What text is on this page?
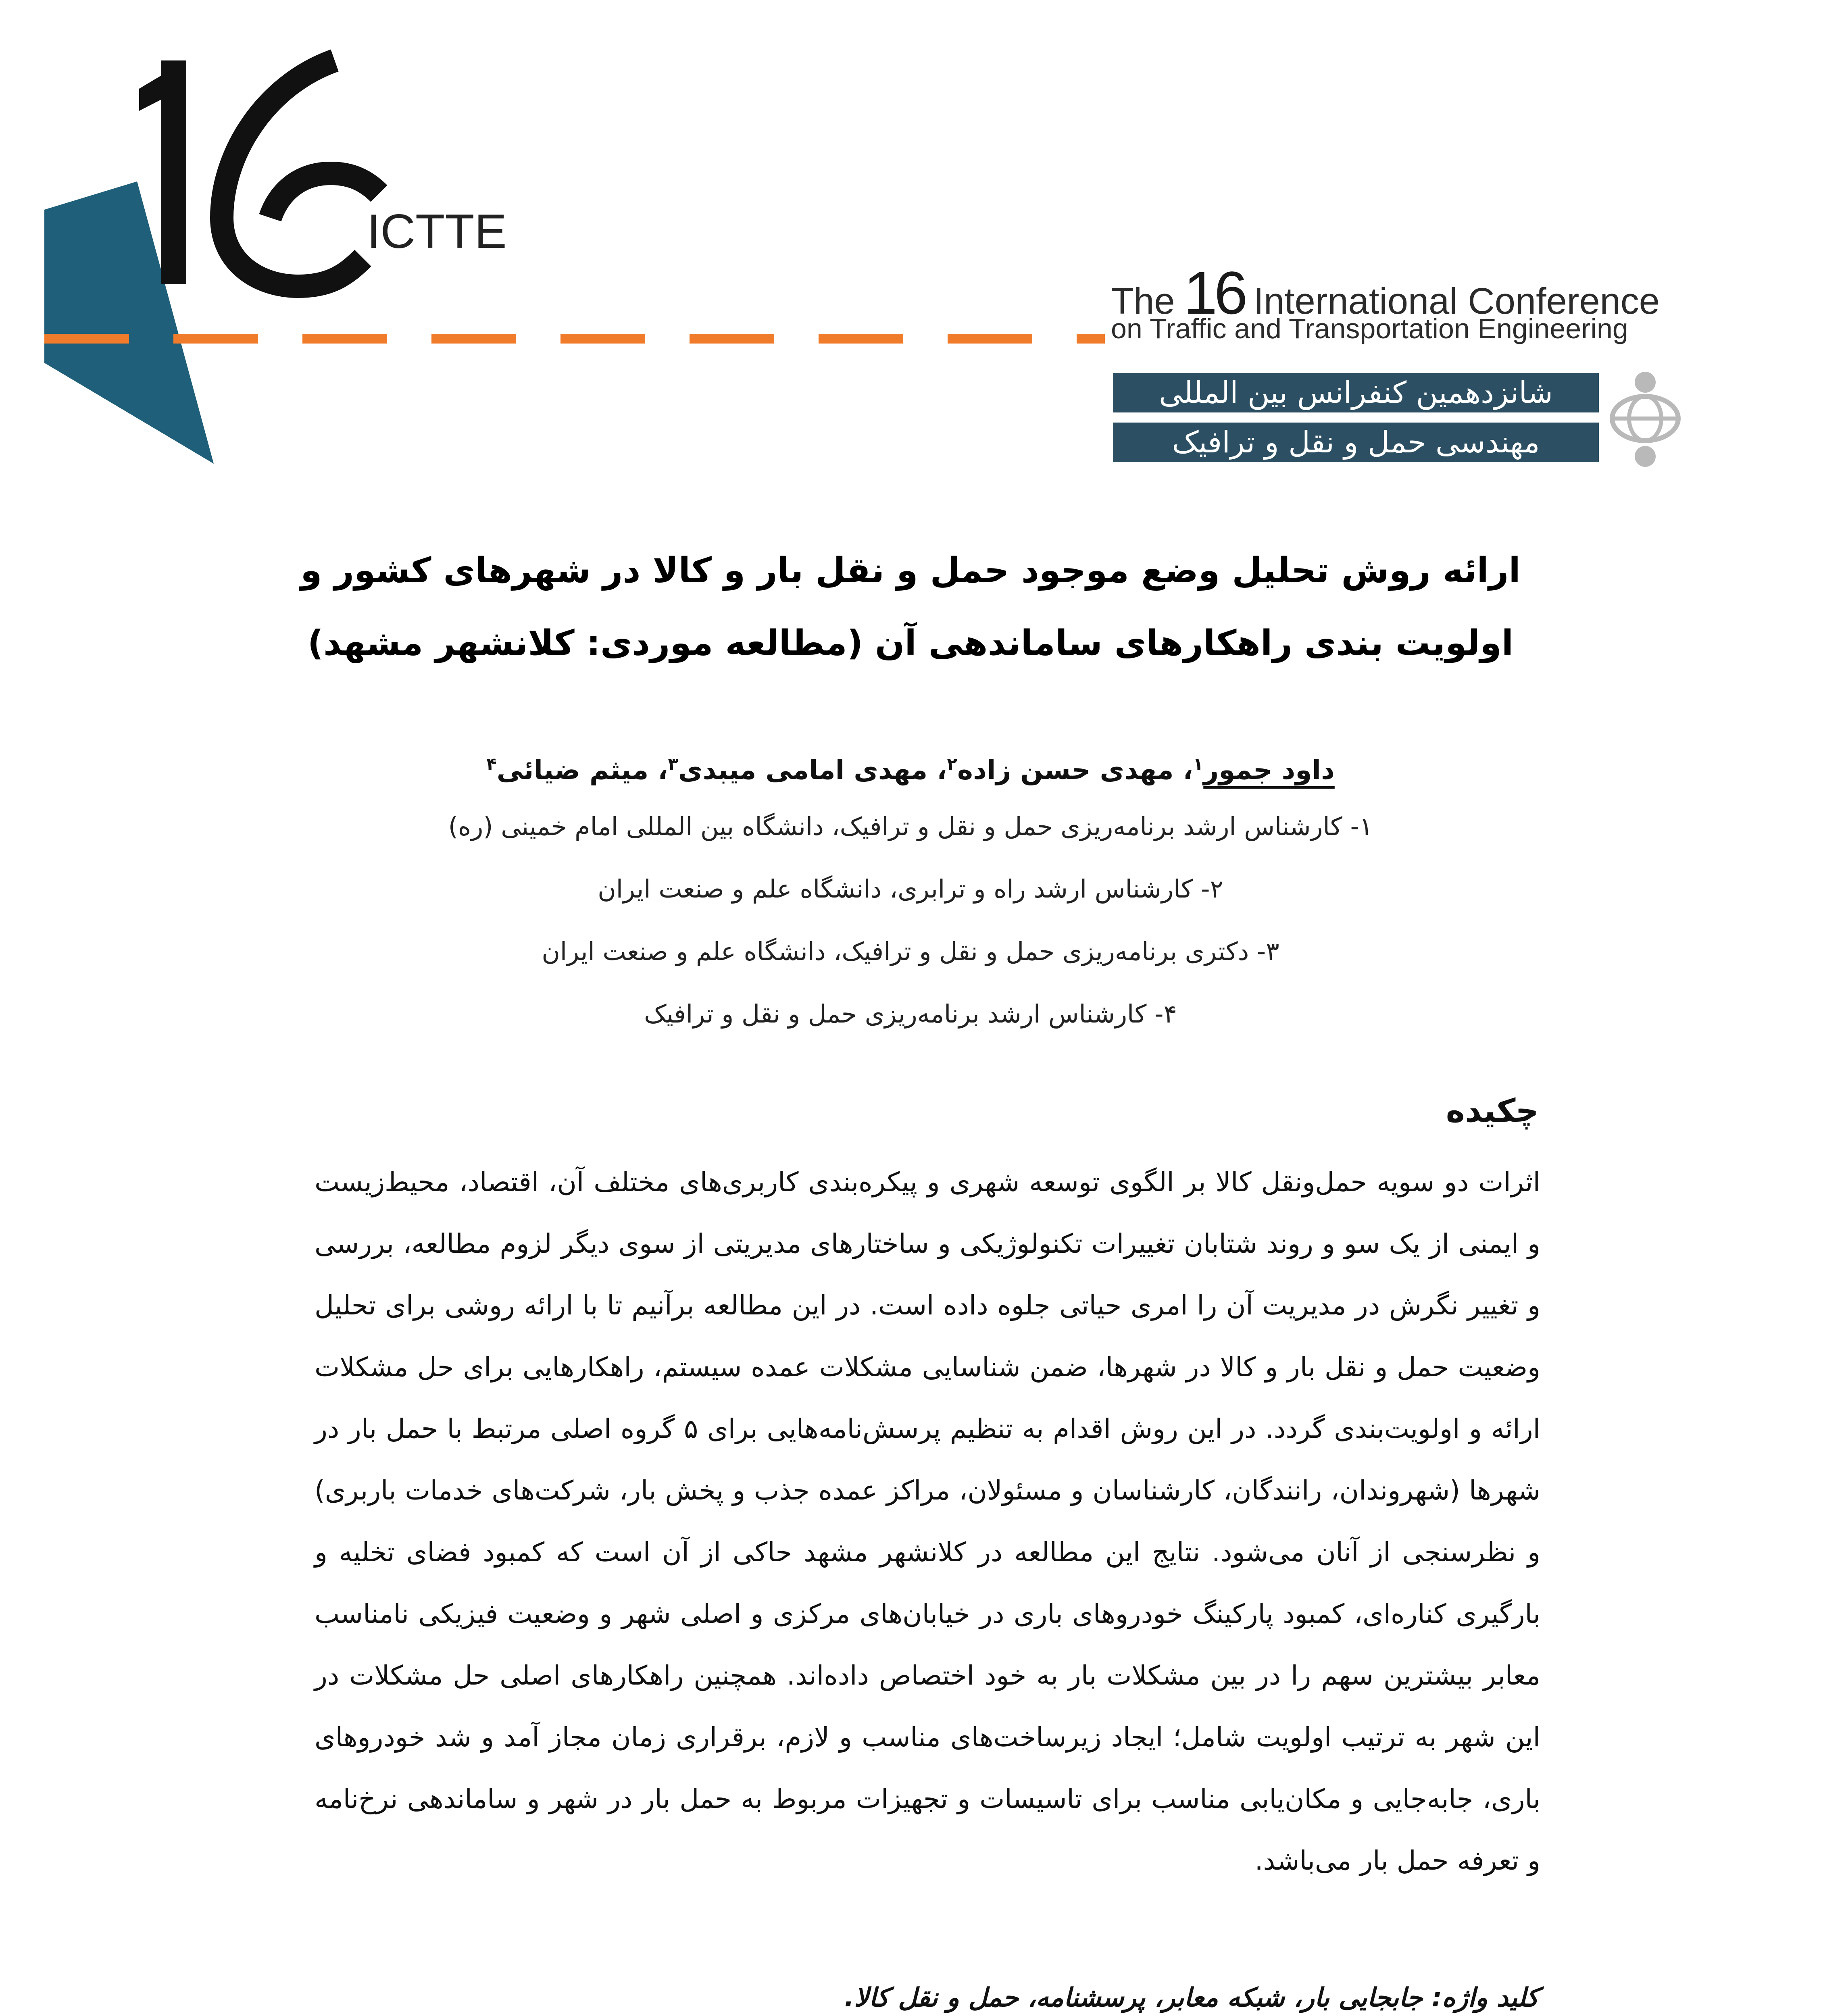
ICTTE
The 16 International Conference
on Traffic and Transportation Engineering
شانزدهمین کنفرانس بین المللی
مهندسی حمل و نقل و ترافیک
ارائه روش تحلیل وضع موجود حمل و نقل بار و کالا در شهرهای کشور و
اولویت بندی راهکارهای ساماندهی آن (مطالعه موردی: کلانشهر مشهد)
داود جمور$^۱$، مهدی حسن زاده$^۲$، مهدی امامی میبدی$^۳$، میثم ضیائی$^۴$
۱- کارشناس ارشد برنامه‌ریزی حمل و نقل و ترافیک، دانشگاه بین المللی امام خمینی (ره)
۲- کارشناس ارشد راه و ترابری، دانشگاه علم و صنعت ایران
۳- دکتری برنامه‌ریزی حمل و نقل و ترافیک، دانشگاه علم و صنعت ایران
۴- کارشناس ارشد برنامه‌ریزی حمل و نقل و ترافیک
چکیده
اثرات دو سویه حمل‌ونقل کالا بر الگوی توسعه شهری و پیکره‌بندی کاربری‌های مختلف آن، اقتصاد، محیط‌زیست و ایمنی از یک سو و روند شتابان تغییرات تکنولوژیکی و ساختارهای مدیریتی از سوی دیگر لزوم مطالعه، بررسی و تغییر نگرش در مدیریت آن را امری حیاتی جلوه داده است. در این مطالعه برآنیم تا با ارائه روشی برای تحلیل وضعیت حمل و نقل بار و کالا در شهرها، ضمن شناسایی مشکلات عمده سیستم، راهکارهایی برای حل مشکلات ارائه و اولویت‌بندی گردد. در این روش اقدام به تنظیم پرسش‌نامه‌هایی برای ۵ گروه اصلی مرتبط با حمل بار در شهرها (شهروندان، رانندگان، کارشناسان و مسئولان، مراکز عمده جذب و پخش بار، شرکت‌های خدمات باربری) و نظرسنجی از آنان می‌شود. نتایج این مطالعه در کلانشهر مشهد حاکی از آن است که کمبود فضای تخلیه و بارگیری کناره‌ای، کمبود پارکینگ خودروهای باری در خیابان‌های مرکزی و اصلی شهر و وضعیت فیزیکی نامناسب معابر بیشترین سهم را در بین مشکلات بار به خود اختصاص داده‌اند. همچنین راهکارهای اصلی حل مشکلات در این شهر به ترتیب اولویت شامل؛ ایجاد زیرساخت‌های مناسب و لازم، برقراری زمان مجاز آمد و شد خودروهای باری، جابه‌جایی و مکان‌یابی مناسب برای تاسیسات و تجهیزات مربوط به حمل بار در شهر و ساماندهی نرخ‌نامه و تعرفه حمل بار می‌باشد.
کلید واژه: جابجایی بار، شبکه معابر، پرسشنامه، حمل و نقل کالا.
